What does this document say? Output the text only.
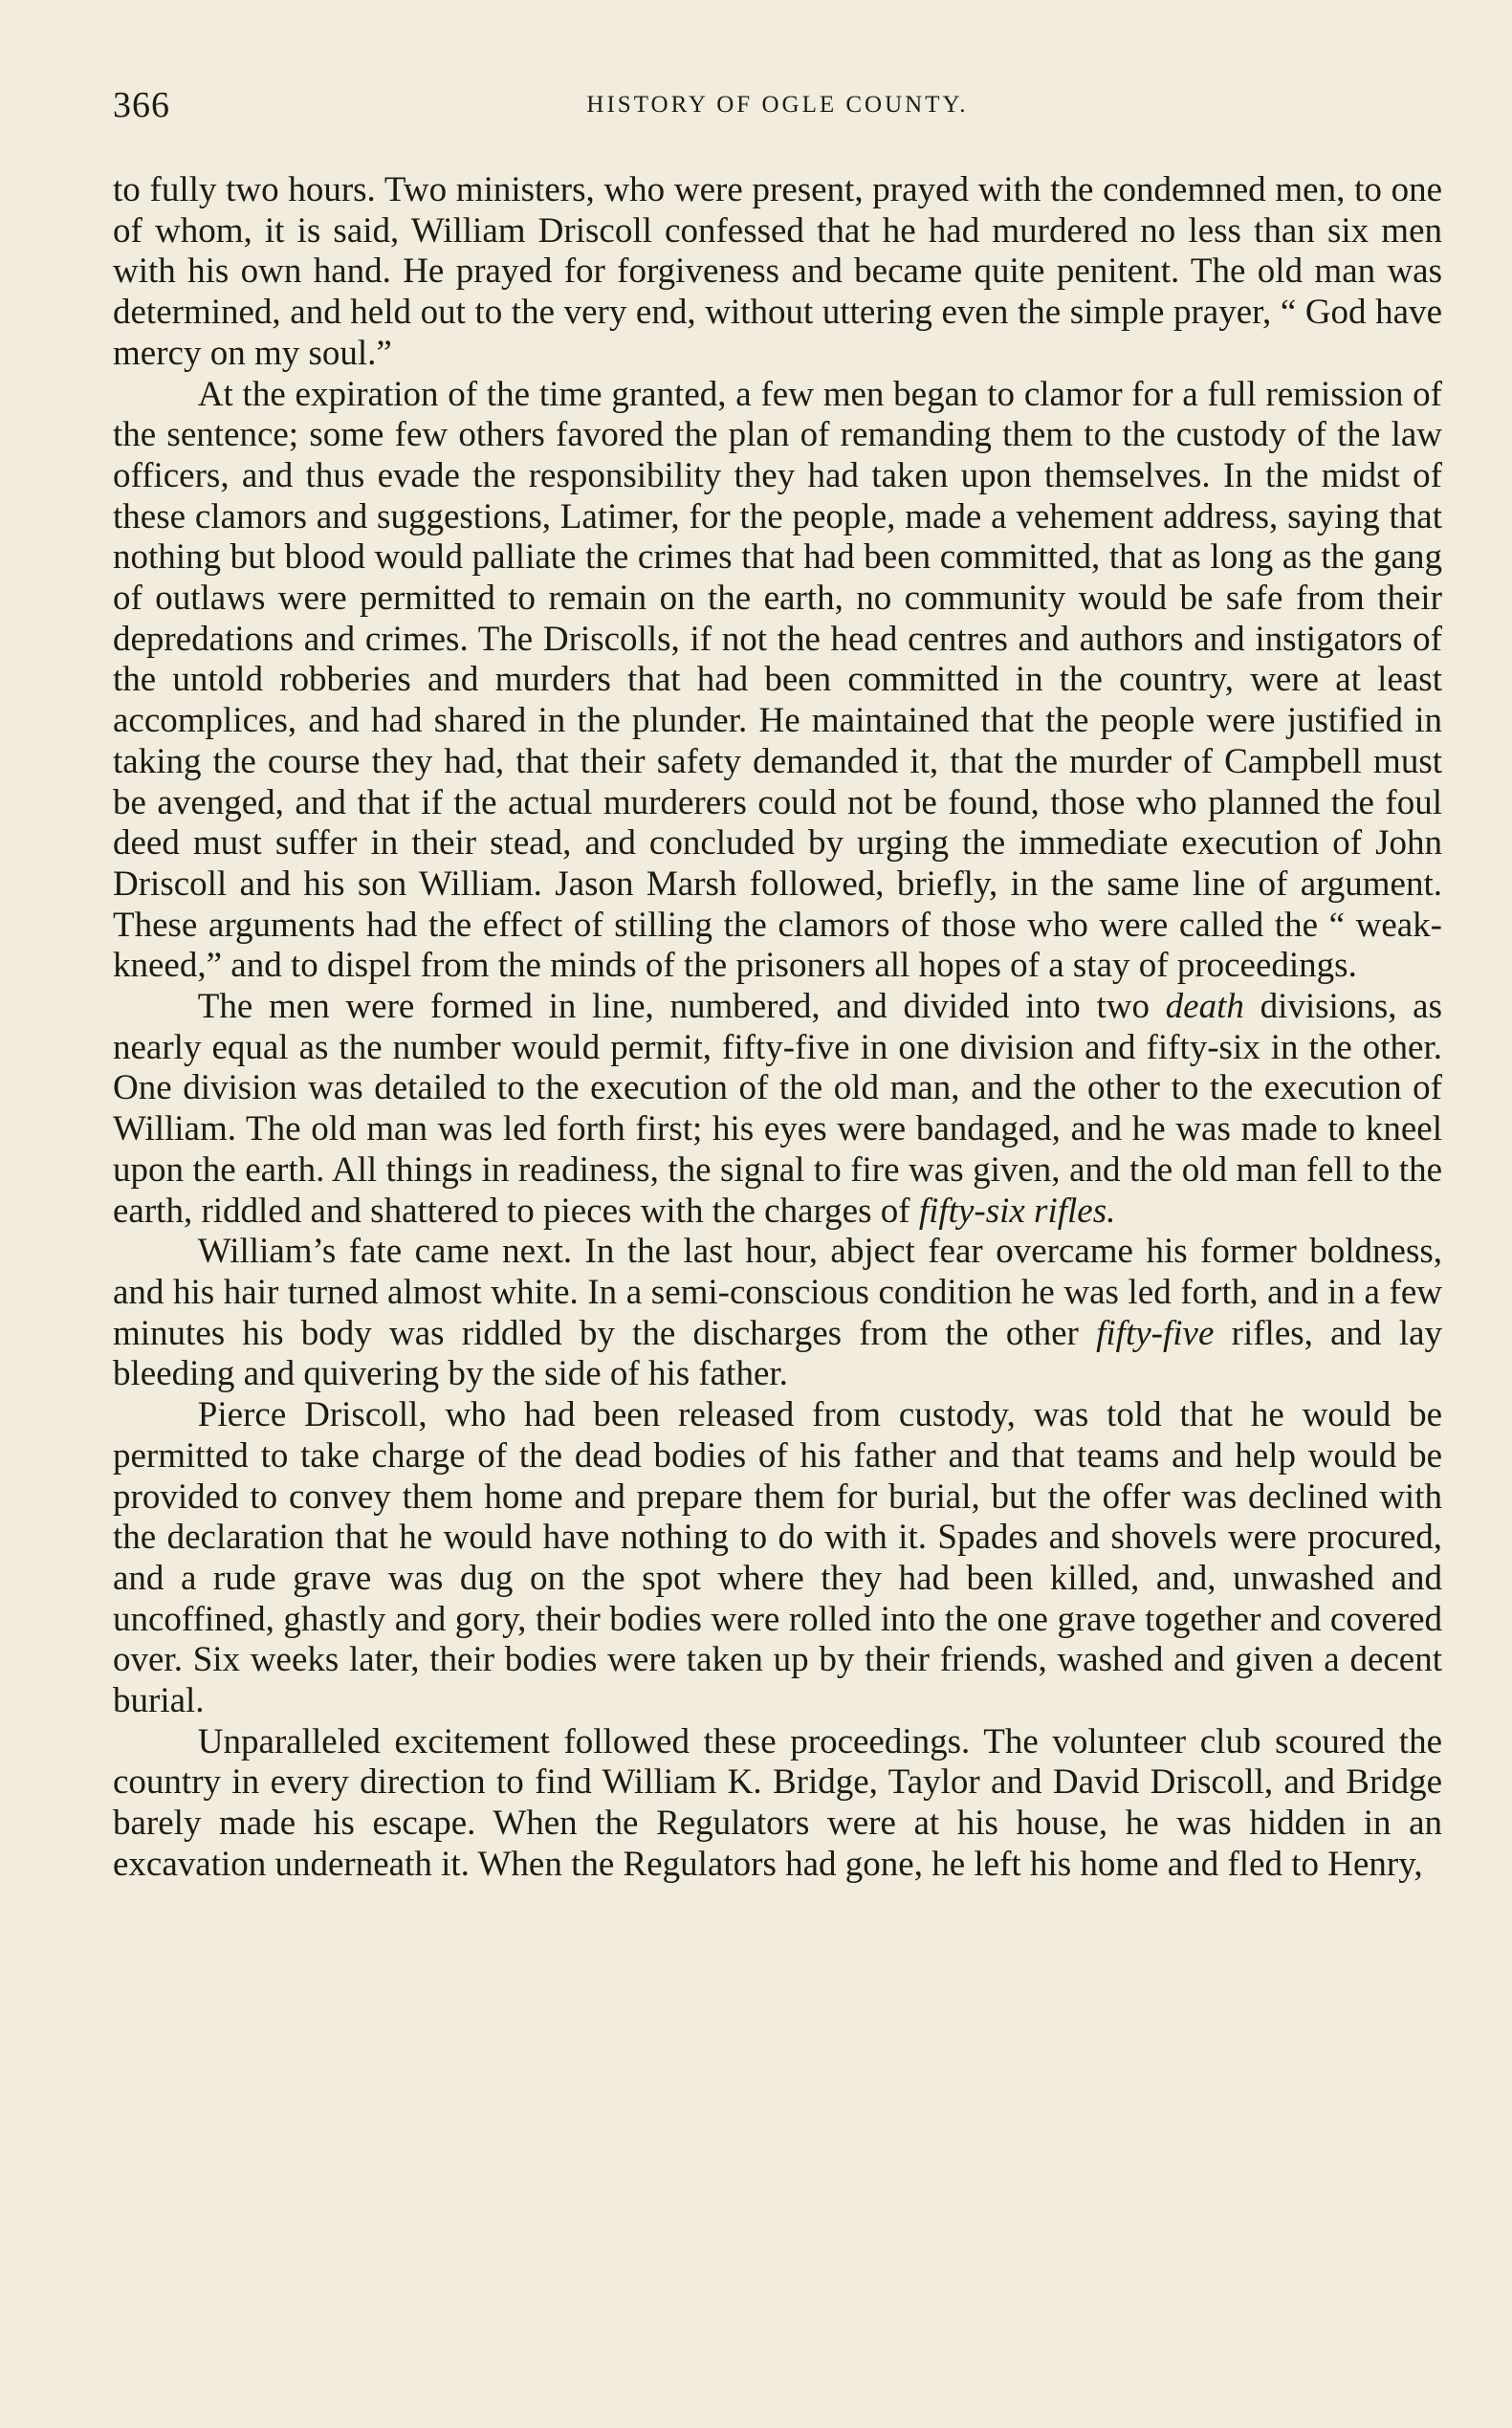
366	HISTORY OF OGLE COUNTY.

to fully two hours. Two ministers, who were present, prayed with the condemned men, to one of whom, it is said, William Driscoll confessed that he had murdered no less than six men with his own hand. He prayed for forgiveness and became quite penitent. The old man was determined, and held out to the very end, without uttering even the simple prayer, “ God have mercy on my soul.”

At the expiration of the time granted, a few men began to clamor for a full remission of the sentence; some few others favored the plan of remanding them to the custody of the law officers, and thus evade the responsibility they had taken upon themselves. In the midst of these clamors and suggestions, Latimer, for the people, made a vehement address, saying that nothing but blood would palliate the crimes that had been committed, that as long as the gang of outlaws were permitted to remain on the earth, no community would be safe from their depredations and crimes. The Driscolls, if not the head centres and authors and instigators of the untold robberies and murders that had been committed in the country, were at least accomplices, and had shared in the plunder. He maintained that the people were justified in taking the course they had, that their safety demanded it, that the murder of Campbell must be avenged, and that if the actual murderers could not be found, those who planned the foul deed must suffer in their stead, and concluded by urging the immediate execution of John Driscoll and his son William. Jason Marsh followed, briefly, in the same line of argument. These arguments had the effect of stilling the clamors of those who were called the “ weak-kneed,” and to dispel from the minds of the prisoners all hopes of a stay of proceedings.

The men were formed in line, numbered, and divided into two death divisions, as nearly equal as the number would permit, fifty-five in one division and fifty-six in the other. One division was detailed to the execution of the old man, and the other to the execution of William. The old man was led forth first; his eyes were bandaged, and he was made to kneel upon the earth. All things in readiness, the signal to fire was given, and the old man fell to the earth, riddled and shattered to pieces with the charges of fifty-six rifles.

William’s fate came next. In the last hour, abject fear overcame his former boldness, and his hair turned almost white. In a semi-conscious condition he was led forth, and in a few minutes his body was riddled by the discharges from the other fifty-five rifles, and lay bleeding and quivering by the side of his father.

Pierce Driscoll, who had been released from custody, was told that he would be permitted to take charge of the dead bodies of his father and that teams and help would be provided to convey them home and prepare them for burial, but the offer was declined with the declaration that he would have nothing to do with it. Spades and shovels were procured, and a rude grave was dug on the spot where they had been killed, and, unwashed and uncoffined, ghastly and gory, their bodies were rolled into the one grave together and covered over. Six weeks later, their bodies were taken up by their friends, washed and given a decent burial.

Unparalleled excitement followed these proceedings. The volunteer club scoured the country in every direction to find William K. Bridge, Taylor and David Driscoll, and Bridge barely made his escape. When the Regulators were at his house, he was hidden in an excavation underneath it. When the Regulators had gone, he left his home and fled to Henry,
